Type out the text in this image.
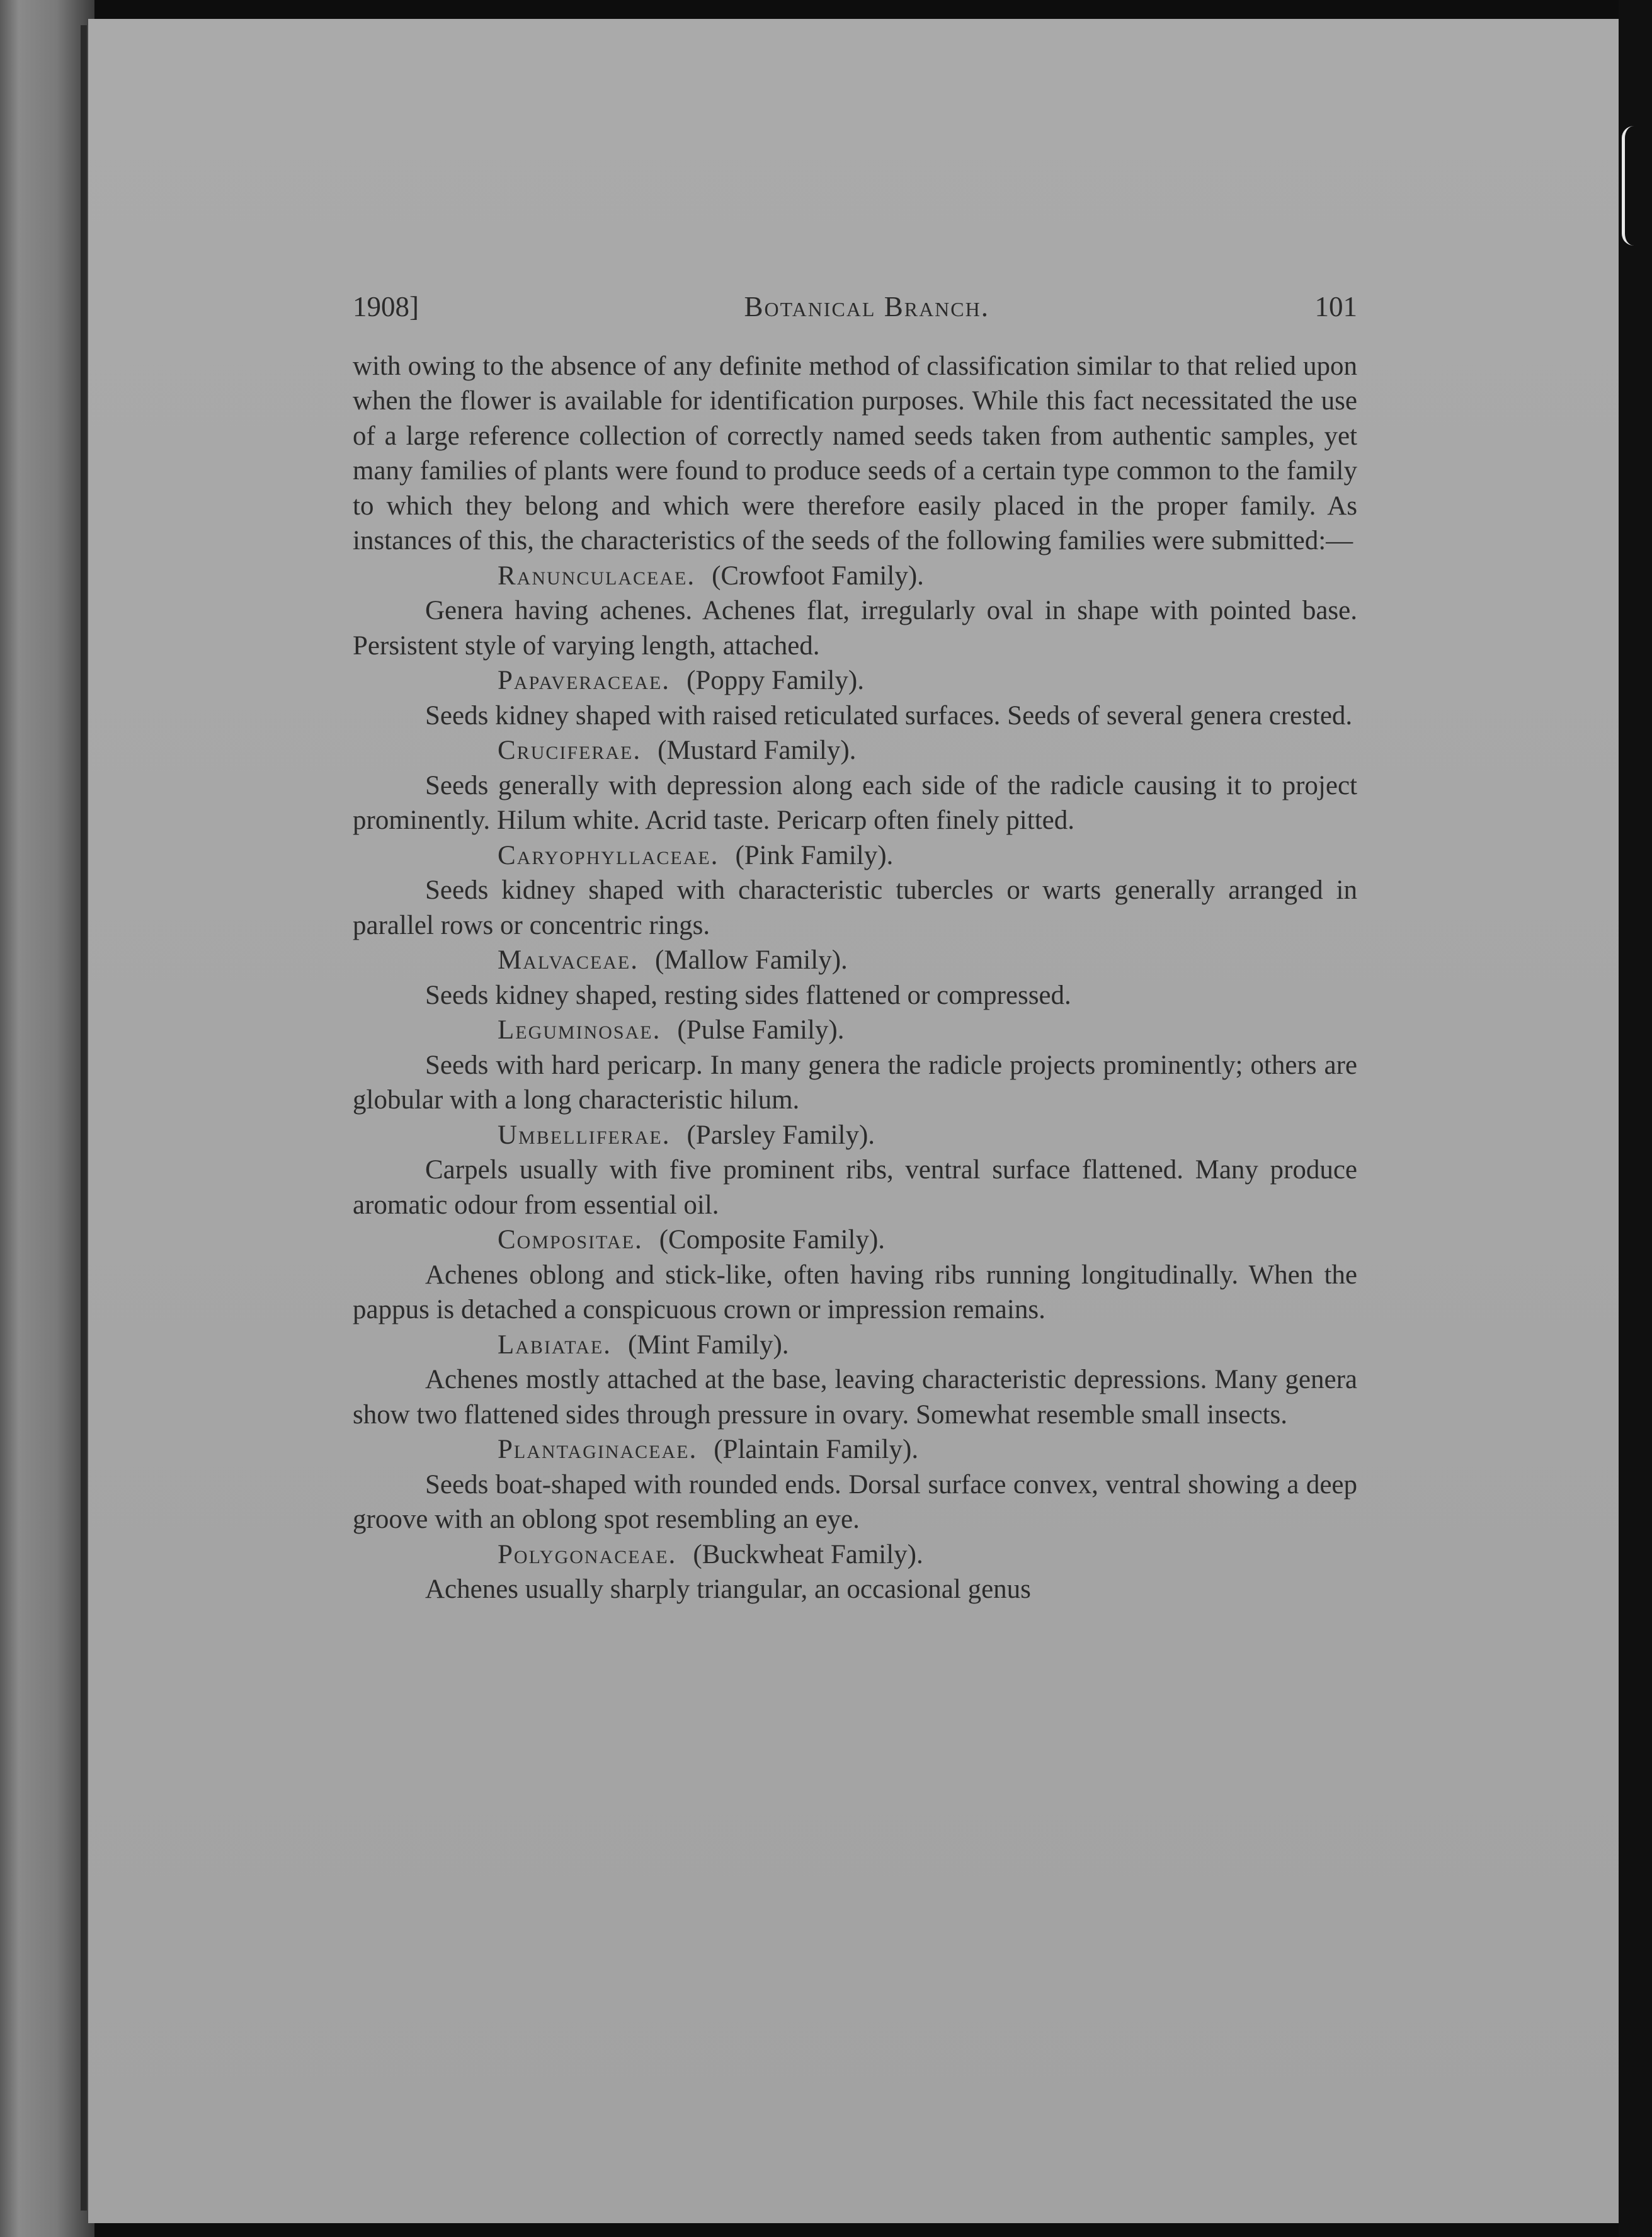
1908]	Botanical Branch.	101

with owing to the absence of any definite method of classification similar to that relied upon when the flower is available for identification purposes. While this fact necessitated the use of a large reference collection of correctly named seeds taken from authentic samples, yet many families of plants were found to produce seeds of a certain type common to the family to which they belong and which were therefore easily placed in the proper family. As instances of this, the characteristics of the seeds of the following families were submitted:—

Ranunculaceae. (Crowfoot Family).

Genera having achenes. Achenes flat, irregularly oval in shape with pointed base. Persistent style of varying length, attached.

Papaveraceae. (Poppy Family).

Seeds kidney shaped with raised reticulated surfaces. Seeds of several genera crested.

Cruciferae. (Mustard Family).

Seeds generally with depression along each side of the radicle causing it to project prominently. Hilum white. Acrid taste. Pericarp often finely pitted.

Caryophyllaceae. (Pink Family).

Seeds kidney shaped with characteristic tubercles or warts generally arranged in parallel rows or concentric rings.

Malvaceae. (Mallow Family).

Seeds kidney shaped, resting sides flattened or compressed.

Leguminosae. (Pulse Family).

Seeds with hard pericarp. In many genera the radicle projects prominently; others are globular with a long characteristic hilum.

Umbelliferae. (Parsley Family).

Carpels usually with five prominent ribs, ventral surface flattened. Many produce aromatic odour from essential oil.

Compositae. (Composite Family).

Achenes oblong and stick-like, often having ribs running longitudinally. When the pappus is detached a conspicuous crown or impression remains.

Labiatae. (Mint Family).

Achenes mostly attached at the base, leaving characteristic depressions. Many genera show two flattened sides through pressure in ovary. Somewhat resemble small insects.

Plantaginaceae. (Plaintain Family).

Seeds boat-shaped with rounded ends. Dorsal surface convex, ventral showing a deep groove with an oblong spot resembling an eye.

Polygonaceae. (Buckwheat Family).

Achenes usually sharply triangular, an occasional genus
